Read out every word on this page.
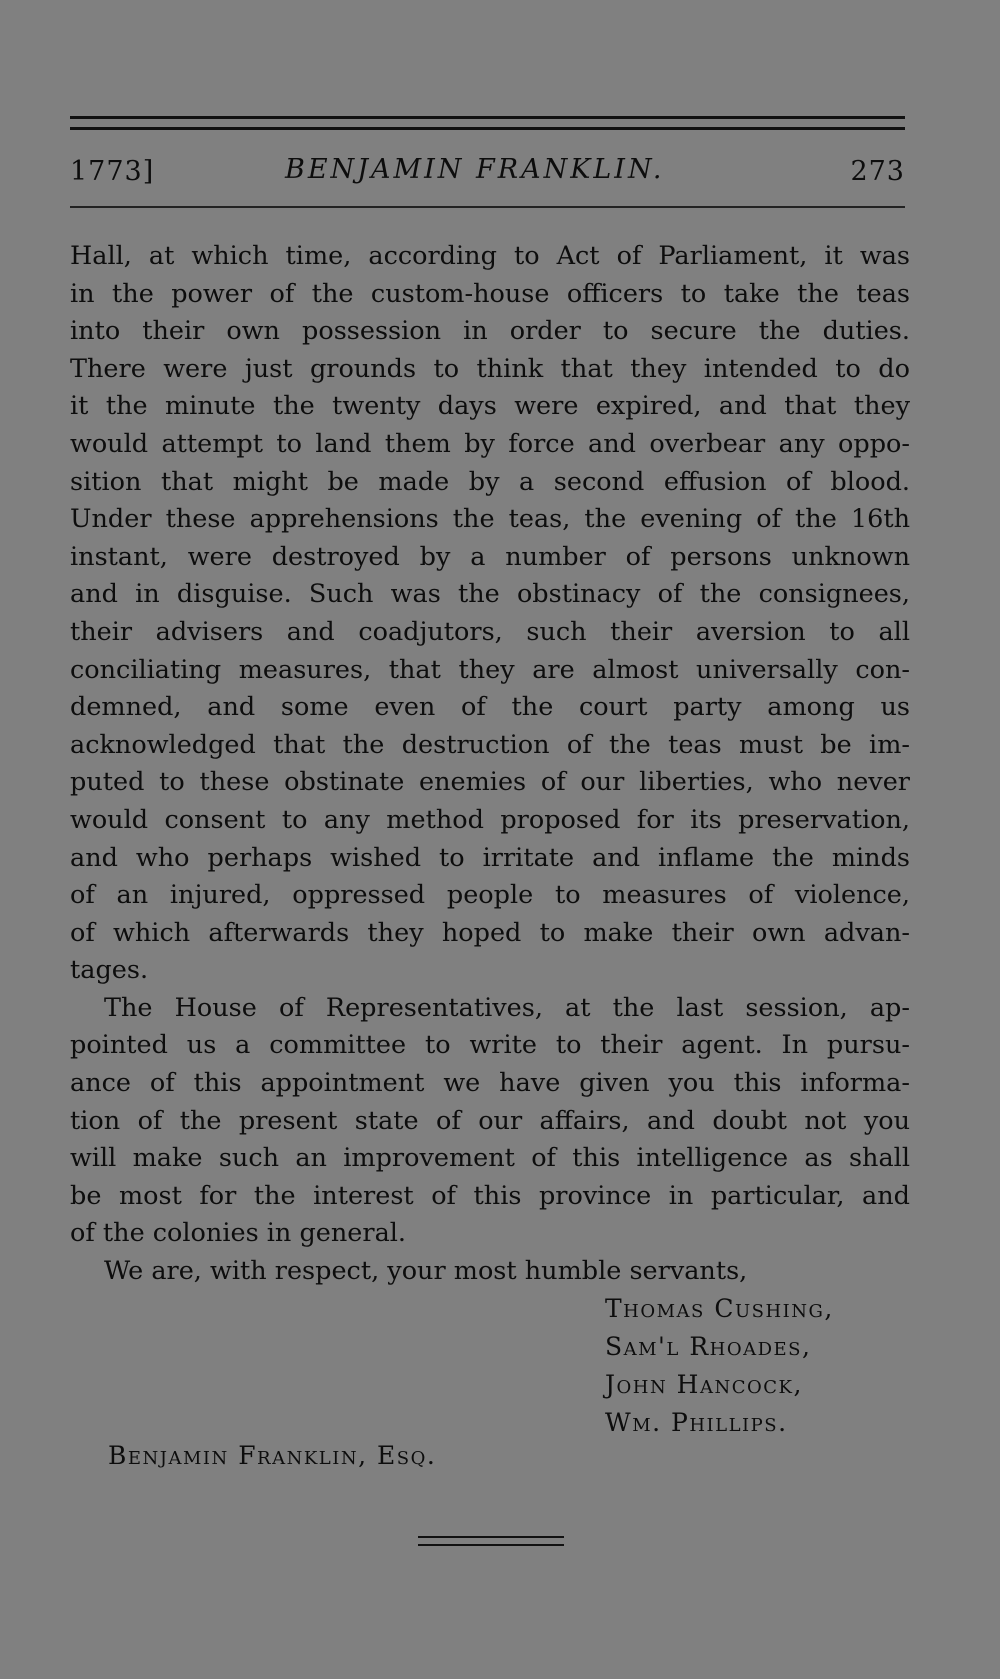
1773]	BENJAMIN FRANKLIN.	273
Hall, at which time, according to Act of Parliament, it was
in the power of the custom-house officers to take the teas
into their own possession in order to secure the duties.
There were just grounds to think that they intended to do
it the minute the twenty days were expired, and that they
would attempt to land them by force and overbear any oppo-
sition that might be made by a second effusion of blood.
Under these apprehensions the teas, the evening of the 16th
instant, were destroyed by a number of persons unknown
and in disguise. Such was the obstinacy of the consignees,
their advisers and coadjutors, such their aversion to all
conciliating measures, that they are almost universally con-
demned, and some even of the court party among us
acknowledged that the destruction of the teas must be im-
puted to these obstinate enemies of our liberties, who never
would consent to any method proposed for its preservation,
and who perhaps wished to irritate and inflame the minds
of an injured, oppressed people to measures of violence,
of which afterwards they hoped to make their own advan-
tages.
The House of Representatives, at the last session, ap-
pointed us a committee to write to their agent. In pursu-
ance of this appointment we have given you this informa-
tion of the present state of our affairs, and doubt not you
will make such an improvement of this intelligence as shall
be most for the interest of this province in particular, and
of the colonies in general.
We are, with respect, your most humble servants,
Thomas Cushing,
Sam'l Rhoades,
John Hancock,
Wm. Phillips.
Benjamin Franklin, Esq.
